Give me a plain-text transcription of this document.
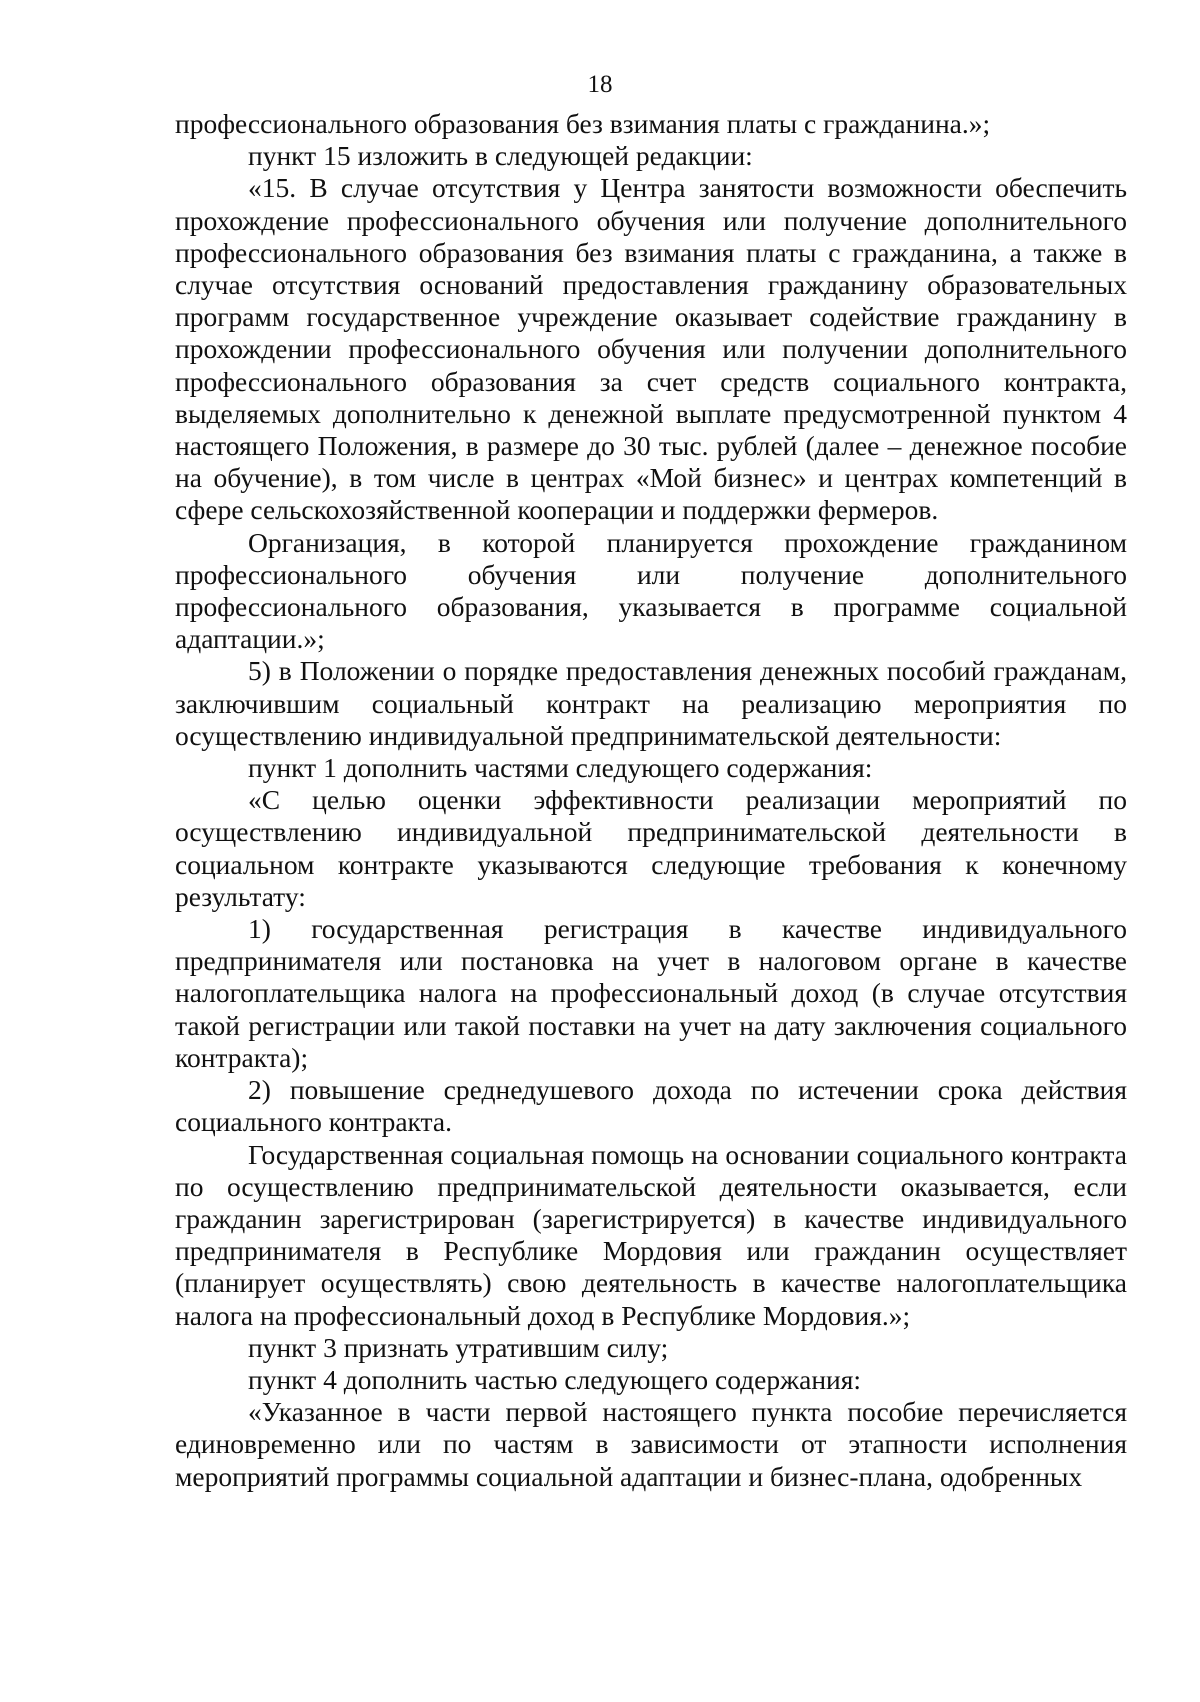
18

профессионального образования без взимания платы с гражданина.»;

пункт 15 изложить в следующей редакции:

«15. В случае отсутствия у Центра занятости возможности обеспечить прохождение профессионального обучения или получение дополнительного профессионального образования без взимания платы с гражданина, а также в случае отсутствия оснований предоставления гражданину образовательных программ государственное учреждение оказывает содействие гражданину в прохождении профессионального обучения или получении дополнительного профессионального образования за счет средств социального контракта, выделяемых дополнительно к денежной выплате предусмотренной пунктом 4 настоящего Положения, в размере до 30 тыс. рублей (далее – денежное пособие на обучение), в том числе в центрах «Мой бизнес» и центрах компетенций в сфере сельскохозяйственной кооперации и поддержки фермеров.

Организация, в которой планируется прохождение гражданином профессионального обучения или получение дополнительного профессионального образования, указывается в программе социальной адаптации.»;

5) в Положении о порядке предоставления денежных пособий гражданам, заключившим социальный контракт на реализацию мероприятия по осуществлению индивидуальной предпринимательской деятельности:

пункт 1 дополнить частями следующего содержания:

«С целью оценки эффективности реализации мероприятий по осуществлению индивидуальной предпринимательской деятельности в социальном контракте указываются следующие требования к конечному результату:

1) государственная регистрация в качестве индивидуального предпринимателя или постановка на учет в налоговом органе в качестве налогоплательщика налога на профессиональный доход (в случае отсутствия такой регистрации или такой поставки на учет на дату заключения социального контракта);

2) повышение среднедушевого дохода по истечении срока действия социального контракта.

Государственная социальная помощь на основании социального контракта по осуществлению предпринимательской деятельности оказывается, если гражданин зарегистрирован (зарегистрируется) в качестве индивидуального предпринимателя в Республике Мордовия или гражданин осуществляет (планирует осуществлять) свою деятельность в качестве налогоплательщика налога на профессиональный доход в Республике Мордовия.»;

пункт 3 признать утратившим силу;

пункт 4 дополнить частью следующего содержания:

«Указанное в части первой настоящего пункта пособие перечисляется единовременно или по частям в зависимости от этапности исполнения мероприятий программы социальной адаптации и бизнес-плана, одобренных
